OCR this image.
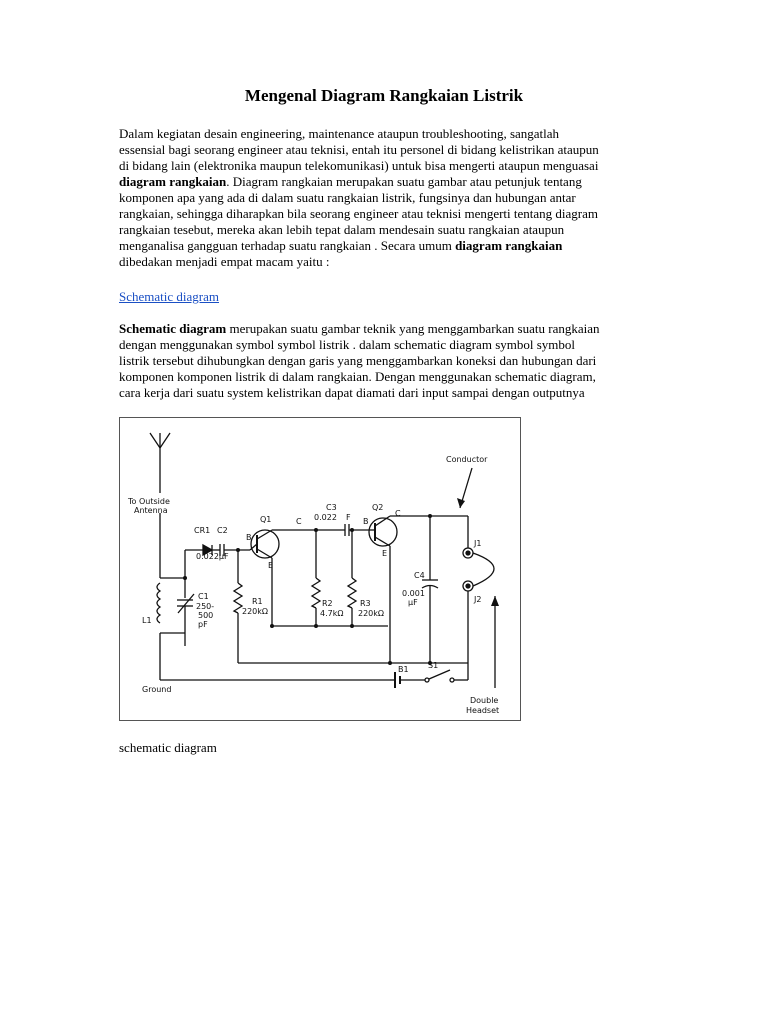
Mengenal Diagram Rangkaian Listrik
Dalam kegiatan desain engineering, maintenance ataupun troubleshooting, sangatlah
essensial bagi seorang engineer atau teknisi, entah itu personel di bidang kelistrikan ataupun
di bidang lain (elektronika maupun telekomunikasi) untuk bisa mengerti ataupun menguasai
diagram rangkaian. Diagram rangkaian merupakan suatu gambar atau petunjuk tentang
komponen apa yang ada di dalam suatu rangkaian listrik, fungsinya dan hubungan antar
rangkaian, sehingga diharapkan bila seorang engineer atau teknisi mengerti tentang diagram
rangkaian tesebut, mereka akan lebih tepat dalam mendesain suatu rangkaian ataupun
menganalisa gangguan terhadap suatu rangkaian . Secara umum diagram rangkaian
dibedakan menjadi empat macam yaitu :
Schematic diagram
Schematic diagram merupakan suatu gambar teknik yang menggambarkan suatu rangkaian
dengan menggunakan symbol symbol listrik . dalam schematic diagram symbol symbol
listrik tersebut dihubungkan dengan garis yang menggambarkan koneksi dan hubungan dari
komponen komponen listrik di dalam rangkaian. Dengan menggunakan schematic diagram,
cara kerja dari suatu system kelistrikan dapat diamati dari input sampai dengan outputnya
To Outside
Antenna
Ground
CR1 C2
0.022μF
Q1	C
B
E
C3
0.022 F
Q2
B
C
E
C1
250-
500
pF
L1
R1
220kΩ
R2
4.7kΩ
R3
220kΩ
C4
0.001
μF
B1 S1
Conductor
J1
J2
Double
Headset
schematic diagram
